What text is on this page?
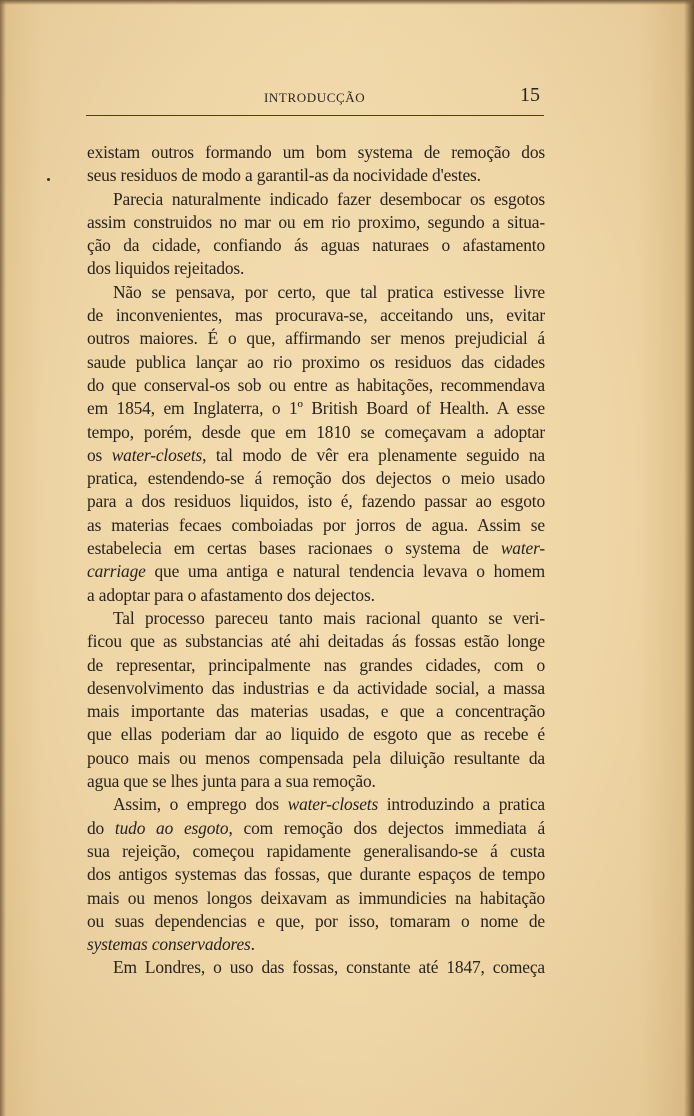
INTRODUCÇÃO	15
existam outros formando um bom systema de remoção dos
seus residuos de modo a garantil-as da nocividade d'estes.
Parecia naturalmente indicado fazer desembocar os esgotos
assim construidos no mar ou em rio proximo, segundo a situa-
ção da cidade, confiando ás aguas naturaes o afastamento
dos liquidos rejeitados.
Não se pensava, por certo, que tal pratica estivesse livre
de inconvenientes, mas procurava-se, acceitando uns, evitar
outros maiores. É o que, affirmando ser menos prejudicial á
saude publica lançar ao rio proximo os residuos das cidades
do que conserval-os sob ou entre as habitações, recommendava
em 1854, em Inglaterra, o 1º British Board of Health. A esse
tempo, porém, desde que em 1810 se começavam a adoptar
os water-closets, tal modo de vêr era plenamente seguido na
pratica, estendendo-se á remoção dos dejectos o meio usado
para a dos residuos liquidos, isto é, fazendo passar ao esgoto
as materias fecaes comboiadas por jorros de agua. Assim se
estabelecia em certas bases racionaes o systema de water-
carriage que uma antiga e natural tendencia levava o homem
a adoptar para o afastamento dos dejectos.
Tal processo pareceu tanto mais racional quanto se veri-
ficou que as substancias até ahi deitadas ás fossas estão longe
de representar, principalmente nas grandes cidades, com o
desenvolvimento das industrias e da actividade social, a massa
mais importante das materias usadas, e que a concentração
que ellas poderiam dar ao liquido de esgoto que as recebe é
pouco mais ou menos compensada pela diluição resultante da
agua que se lhes junta para a sua remoção.
Assim, o emprego dos water-closets introduzindo a pratica
do tudo ao esgoto, com remoção dos dejectos immediata á
sua rejeição, começou rapidamente generalisando-se á custa
dos antigos systemas das fossas, que durante espaços de tempo
mais ou menos longos deixavam as immundicies na habitação
ou suas dependencias e que, por isso, tomaram o nome de
systemas conservadores.
Em Londres, o uso das fossas, constante até 1847, começa
